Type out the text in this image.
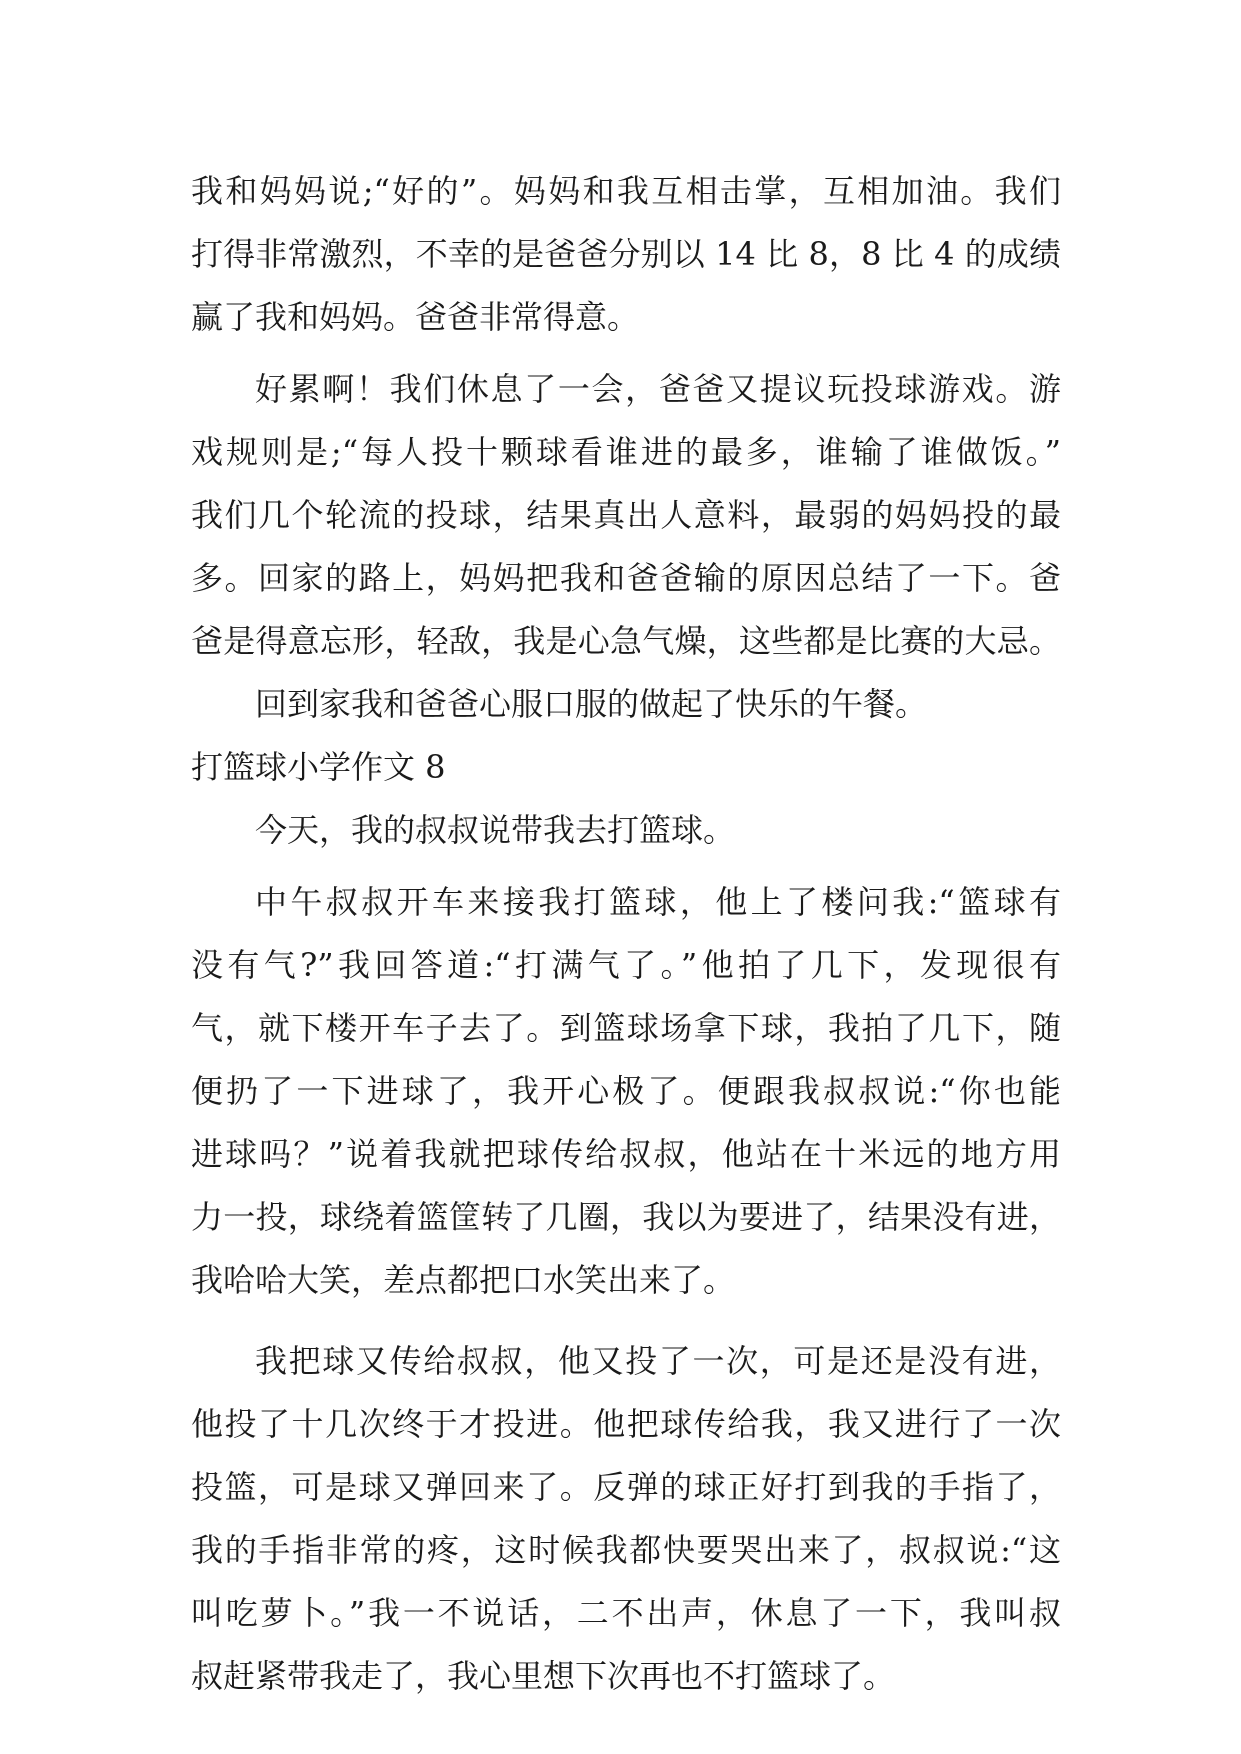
我和妈妈说;“好的”。妈妈和我互相击掌，互相加油。我们
打得非常激烈，不幸的是爸爸分别以 14 比 8，8 比 4 的成绩
赢了我和妈妈。爸爸非常得意。
好累啊！我们休息了一会，爸爸又提议玩投球游戏。游
戏规则是;“每人投十颗球看谁进的最多，谁输了谁做饭。”
我们几个轮流的投球，结果真出人意料，最弱的妈妈投的最
多。回家的路上，妈妈把我和爸爸输的原因总结了一下。爸
爸是得意忘形，轻敌，我是心急气燥，这些都是比赛的大忌。
回到家我和爸爸心服口服的做起了快乐的午餐。
打篮球小学作文 8
今天，我的叔叔说带我去打篮球。
中午叔叔开车来接我打篮球，他上了楼问我:“篮球有
没有气?”我回答道:“打满气了。”他拍了几下，发现很有
气，就下楼开车子去了。到篮球场拿下球，我拍了几下，随
便扔了一下进球了，我开心极了。便跟我叔叔说:“你也能
进球吗？”说着我就把球传给叔叔，他站在十米远的地方用
力一投，球绕着篮筐转了几圈，我以为要进了，结果没有进，
我哈哈大笑，差点都把口水笑出来了。
我把球又传给叔叔，他又投了一次，可是还是没有进，
他投了十几次终于才投进。他把球传给我，我又进行了一次
投篮，可是球又弹回来了。反弹的球正好打到我的手指了，
我的手指非常的疼，这时候我都快要哭出来了，叔叔说:“这
叫吃萝卜。”我一不说话，二不出声，休息了一下，我叫叔
叔赶紧带我走了，我心里想下次再也不打篮球了。
